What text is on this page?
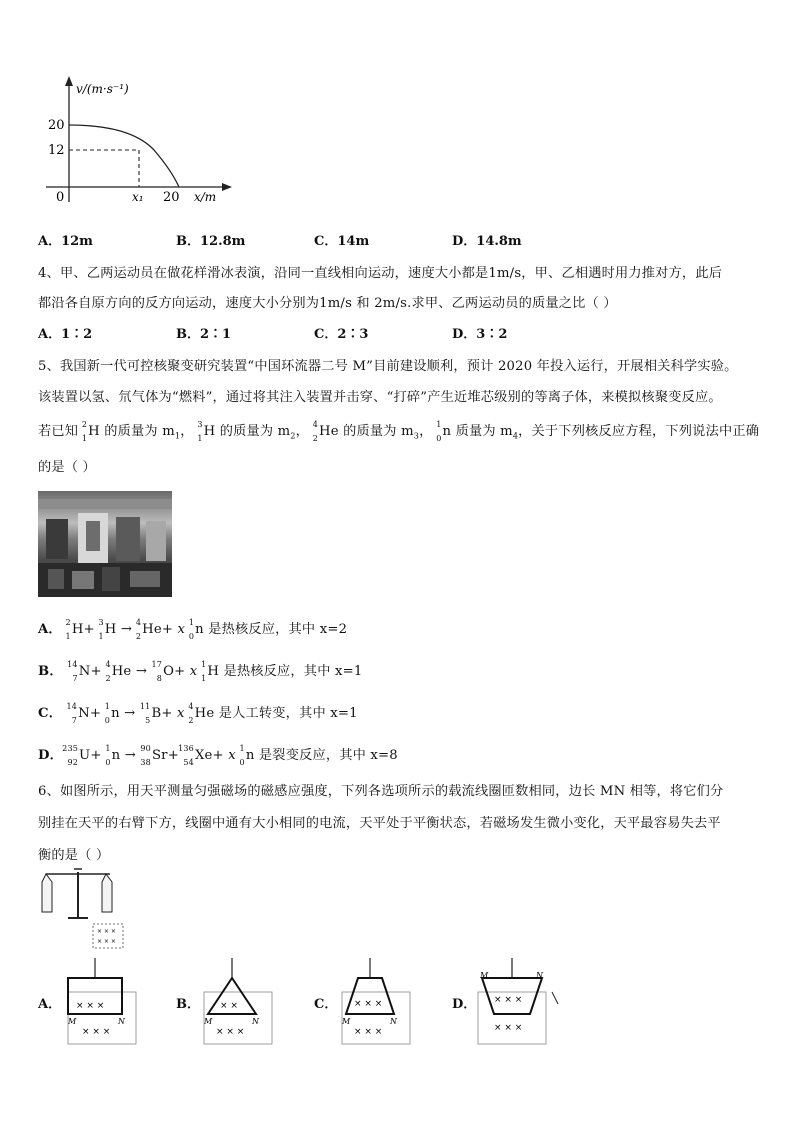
v/(m·s⁻¹)
20
12
0	x₁ 20 x/m
A．12m	B．12.8m	C．14m	D．14.8m
4、甲、乙两运动员在做花样滑冰表演，沿同一直线相向运动，速度大小都是1m/s，甲、乙相遇时用力推对方，此后
都沿各自原方向的反方向运动，速度大小分别为1m/s 和 2m/s.求甲、乙两运动员的质量之比（ ）
A．1∶2	B．2∶1	C．2∶3	D．3∶2
5、我国新一代可控核聚变研究装置“中国环流器二号 M”目前建设顺利，预计 2020 年投入运行，开展相关科学实验。
该装置以氢、氘气体为“燃料”，通过将其注入装置并击穿、“打碎”产生近堆芯级别的等离子体，来模拟核聚变反应。
若已知 2
1 H 的质量为 $m_1$， 3
1 H 的质量为 $m_2$， 4
2 He 的质量为 $m_3$， 1
0 n 质量为 $m_4$，关于下列核反应方程，下列说法中正确
的是（ ）
A． 2
1 H+ 3
1 H → 4
2 He+ x 1
0 n 是热核反应，其中 x=2
B． 14
7 N+ 4
2 He → 17
8 O+ x 1
1 H 是热核反应，其中 x=1
C． 14
7 N+ 1
0 n → 11
5 B+ x 4
2 He 是人工转变，其中 x=1
D． 235
92 U+ 1
0 n → 90
38 Sr+ 136
54 Xe+ x 1
0 n 是裂变反应，其中 x=8
6、如图所示，用天平测量匀强磁场的磁感应强度，下列各选项所示的载流线圈匝数相同，边长 MN 相等，将它们分
别挂在天平的右臂下方，线圈中通有大小相同的电流，天平处于平衡状态，若磁场发生微小变化，天平最容易失去平
衡的是（ ）
× × ×
× × ×
A．	B．	C．	D．
× × ×
× × ×
M	N
× ×
× × ×
M	N
× × ×
× × ×
M	N
× × ×
× × ×
M	N
